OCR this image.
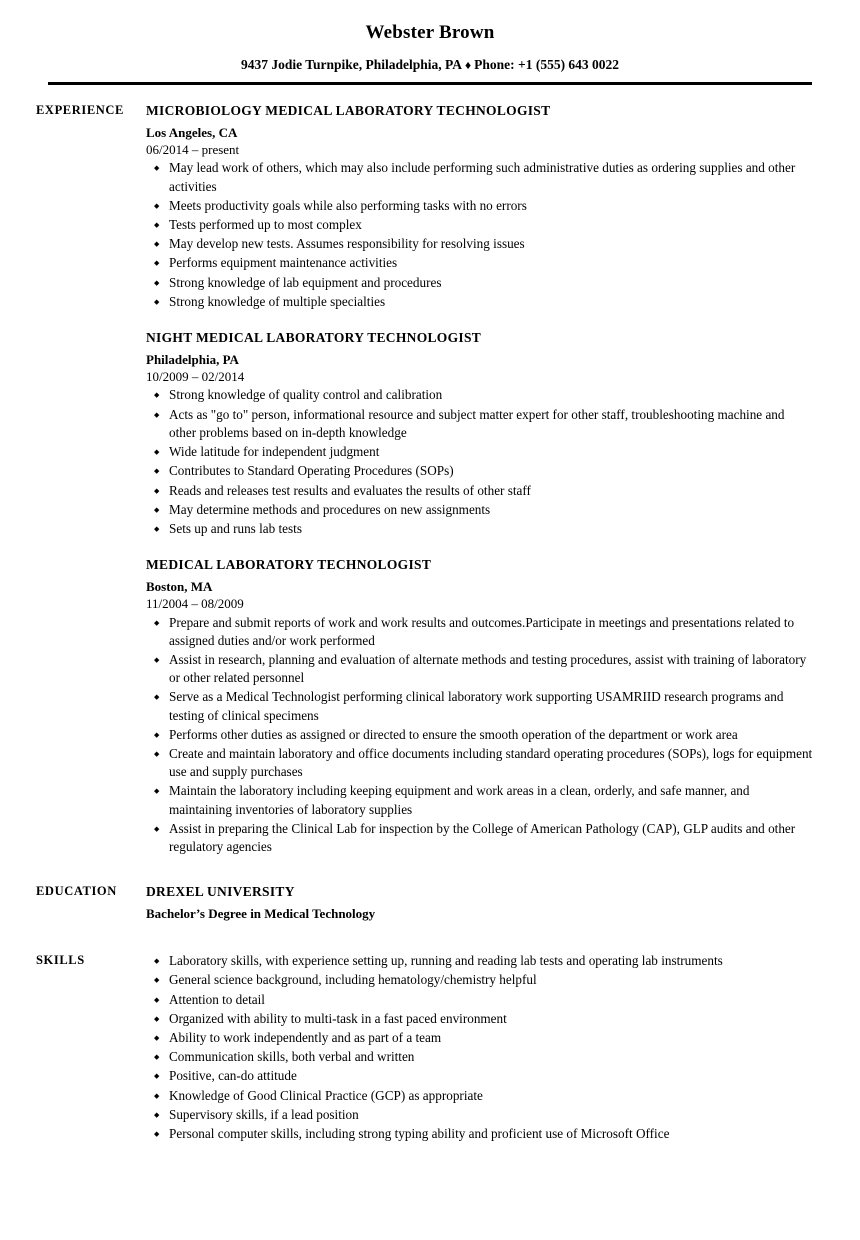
Webster Brown
9437 Jodie Turnpike, Philadelphia, PA ♦ Phone: +1 (555) 643 0022
EXPERIENCE	MICROBIOLOGY MEDICAL LABORATORY TECHNOLOGIST
Los Angeles, CA
06/2014 – present
◆ May lead work of others, which may also include performing such administrative duties as ordering supplies and other activities
◆ Meets productivity goals while also performing tasks with no errors
◆ Tests performed up to most complex
◆ May develop new tests. Assumes responsibility for resolving issues
◆ Performs equipment maintenance activities
◆ Strong knowledge of lab equipment and procedures
◆ Strong knowledge of multiple specialties
NIGHT MEDICAL LABORATORY TECHNOLOGIST
Philadelphia, PA
10/2009 – 02/2014
◆ Strong knowledge of quality control and calibration
◆ Acts as "go to" person, informational resource and subject matter expert for other staff, troubleshooting machine and other problems based on in-depth knowledge
◆ Wide latitude for independent judgment
◆ Contributes to Standard Operating Procedures (SOPs)
◆ Reads and releases test results and evaluates the results of other staff
◆ May determine methods and procedures on new assignments
◆ Sets up and runs lab tests
MEDICAL LABORATORY TECHNOLOGIST
Boston, MA
11/2004 – 08/2009
◆ Prepare and submit reports of work and work results and outcomes.Participate in meetings and presentations related to assigned duties and/or work performed
◆ Assist in research, planning and evaluation of alternate methods and testing procedures, assist with training of laboratory or other related personnel
◆ Serve as a Medical Technologist performing clinical laboratory work supporting USAMRIID research programs and testing of clinical specimens
◆ Performs other duties as assigned or directed to ensure the smooth operation of the department or work area
◆ Create and maintain laboratory and office documents including standard operating procedures (SOPs), logs for equipment use and supply purchases
◆ Maintain the laboratory including keeping equipment and work areas in a clean, orderly, and safe manner, and maintaining inventories of laboratory supplies
◆ Assist in preparing the Clinical Lab for inspection by the College of American Pathology (CAP), GLP audits and other regulatory agencies
EDUCATION	DREXEL UNIVERSITY
Bachelor’s Degree in Medical Technology
SKILLS	◆ Laboratory skills, with experience setting up, running and reading lab tests and operating lab instruments
◆ General science background, including hematology/chemistry helpful
◆ Attention to detail
◆ Organized with ability to multi-task in a fast paced environment
◆ Ability to work independently and as part of a team
◆ Communication skills, both verbal and written
◆ Positive, can-do attitude
◆ Knowledge of Good Clinical Practice (GCP) as appropriate
◆ Supervisory skills, if a lead position
◆ Personal computer skills, including strong typing ability and proficient use of Microsoft Office
